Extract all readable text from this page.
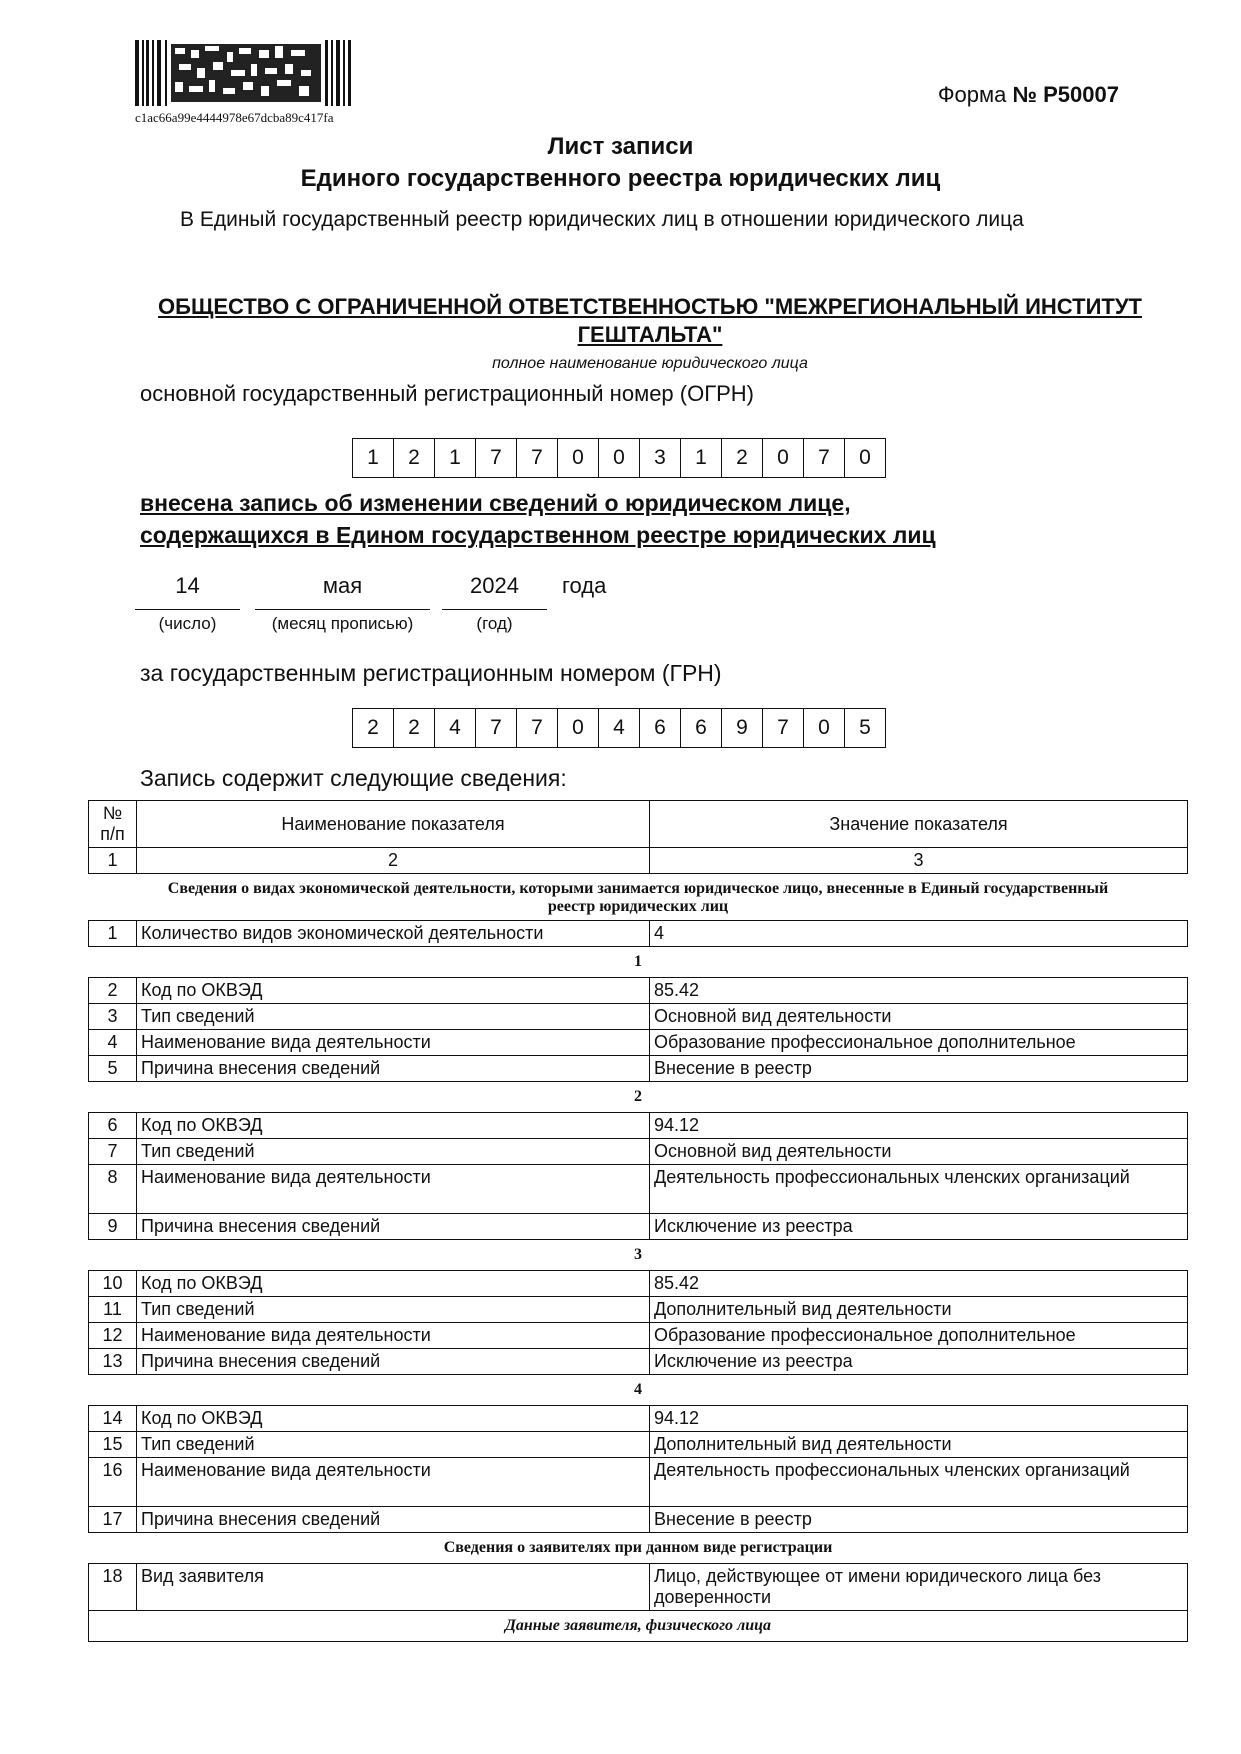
c1ac66a99e4444978e67dcba89c417fa
Форма № Р50007
Лист записи
Единого государственного реестра юридических лиц
В Единый государственный реестр юридических лиц в отношении юридического лица
ОБЩЕСТВО С ОГРАНИЧЕННОЙ ОТВЕТСТВЕННОСТЬЮ "МЕЖРЕГИОНАЛЬНЫЙ ИНСТИТУТ ГЕШТАЛЬТА"
полное наименование юридического лица
основной государственный регистрационный номер (ОГРН)
1	2	1	7	7	0	0	3	1	2	0	7	0
внесена запись об изменении сведений о юридическом лице,
содержащихся в Едином государственном реестре юридических лиц
14	мая	2024	года
(число)	(месяц прописью)	(год)
за государственным регистрационным номером (ГРН)
2	2	4	7	7	0	4	6	6	9	7	0	5
Запись содержит следующие сведения:
№ п/п	Наименование показателя	Значение показателя
1	2	3
Сведения о видах экономической деятельности, которыми занимается юридическое лицо, внесенные в Единый государственный реестр юридических лиц		
1	Количество видов экономической деятельности	4
1		
2	Код по ОКВЭД	85.42
3	Тип сведений	Основной вид деятельности
4	Наименование вида деятельности	Образование профессиональное дополнительное
5	Причина внесения сведений	Внесение в реестр
2		
6	Код по ОКВЭД	94.12
7	Тип сведений	Основной вид деятельности
8	Наименование вида деятельности	Деятельность профессиональных членских организаций
9	Причина внесения сведений	Исключение из реестра
3		
10	Код по ОКВЭД	85.42
11	Тип сведений	Дополнительный вид деятельности
12	Наименование вида деятельности	Образование профессиональное дополнительное
13	Причина внесения сведений	Исключение из реестра
4		
14	Код по ОКВЭД	94.12
15	Тип сведений	Дополнительный вид деятельности
16	Наименование вида деятельности	Деятельность профессиональных членских организаций
17	Причина внесения сведений	Внесение в реестр
Сведения о заявителях при данном виде регистрации		
18	Вид заявителя	Лицо, действующее от имени юридического лица без доверенности
Данные заявителя, физического лица		
